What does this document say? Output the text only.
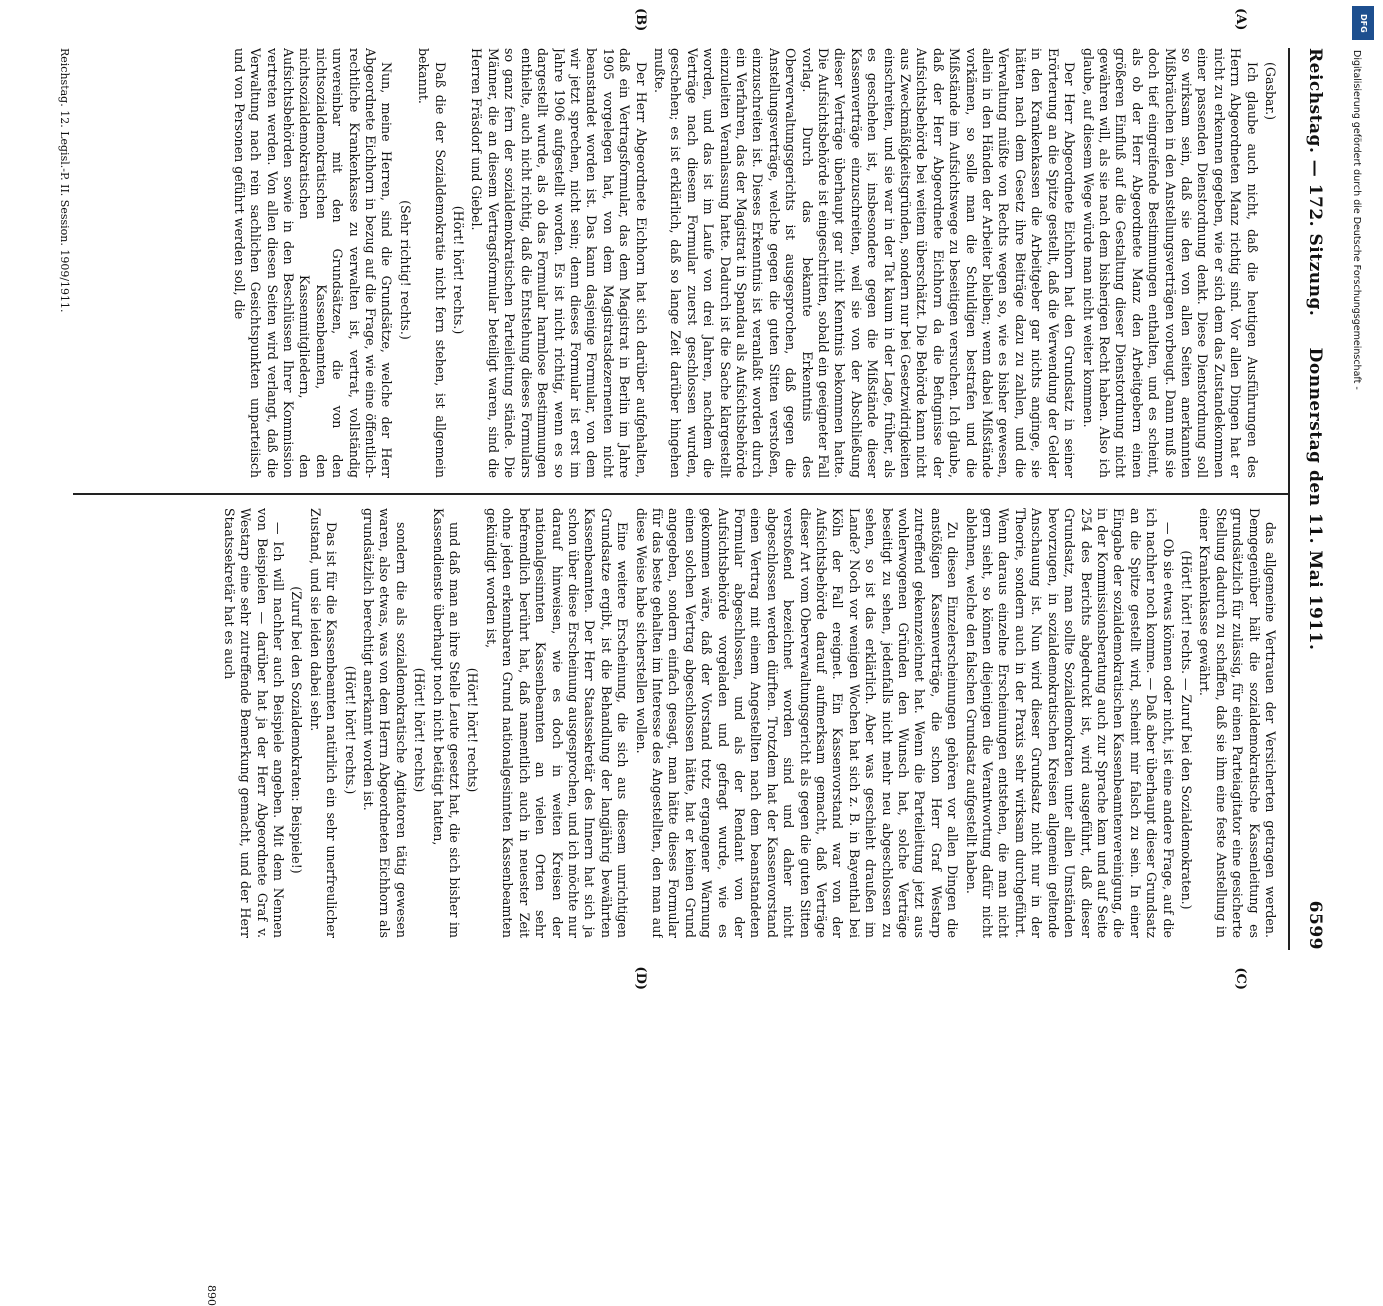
Reichstag. — 172. Sitzung.
Donnerstag den 11. Mai 1911.
6599
(A)
(B)
(C)
(D)

(Gasbar.)

Ich glaube auch nicht, daß die heutigen Ausführungen des Herrn Abgeordneten Manz richtig sind. Vor allen Dingen hat er nicht zu erkennen gegeben, wie er sich dem das Zustandekommen einer passenden Dienstordnung denkt. Diese Dienstordnung soll so wirksam sein, daß sie den von allen Seiten anerkannten Mißbräuchen in den Anstellungsverträgen vorbeugt. Dann muß sie doch tief eingreifende Bestimmungen enthalten, und es scheint, als ob der Herr Abgeordnete Manz den Arbeitgebern einen größeren Einfluß auf die Gestaltung dieser Dienstordnung nicht gewähren will, als sie nach dem bisherigen Recht haben. Also ich glaube, auf diesem Wege würde man nicht weiter kommen.

Der Herr Abgeordnete Eichhorn hat den Grundsatz in seiner Erörterung an die Spitze gestellt, daß die Verwendung der Gelder in den Krankenkassen die Arbeitgeber gar nichts anginge, sie hätten nach dem Gesetz ihre Beiträge dazu zu zahlen, und die Verwaltung müßte von Rechts wegen so, wie es bisher gewesen, allein in den Händen der Arbeiter bleiben; wenn dabei Mißstände vorkämen, so solle man die Schuldigen bestrafen und die Mißstände im Aufsichtswege zu beseitigen versuchen. Ich glaube, daß der Herr Abgeordnete Eichhorn da die Befugnisse der Aufsichtsbehörde bei weitem überschätzt. Die Behörde kann nicht aus Zweckmäßigkeitsgründen, sondern nur bei Gesetzwidrigkeiten einschreiten, und sie war in der Tat kaum in der Lage, früher, als es geschehen ist, insbesondere gegen die Mißstände dieser Kassenverträge einzuschreiten, weil sie von der Abschließung dieser Verträge überhaupt gar nicht Kenntnis bekommen hatte. Die Aufsichtsbehörde ist eingeschritten, sobald ein geeigneter Fall vorlag. Durch das bekannte Erkenntnis des Oberverwaltungsgerichts ist ausgesprochen, daß gegen die Anstellungsverträge, welche gegen die guten Sitten verstoßen, einzuschreiten ist. Dieses Erkenntnis ist veranlaßt worden durch ein Verfahren, das der Magistrat in Spandau als Aufsichtsbehörde einzuleiten Veranlassung hatte. Dadurch ist die Sache klargestellt worden, und das ist im Laufe von drei Jahren, nachdem die Verträge nach diesem Formular zuerst geschlossen wurden, geschehen; es ist erklärlich, daß so lange Zeit darüber hingehen mußte.

Der Herr Abgeordnete Eichhorn hat sich darüber aufgehalten, daß ein Vertragsformular, das dem Magistrat in Berlin im Jahre 1905 vorgelegen hat, von dem Magistratsdezernenten nicht beanstandet worden ist. Das kann dasjenige Formular, von dem wir jetzt sprechen, nicht sein; denn dieses Formular ist erst im Jahre 1906 aufgestellt worden. Es ist nicht richtig, wenn es so dargestellt wurde, als ob das Formular harmlose Bestimmungen enthielte, auch nicht richtig, daß die Entstehung dieses Formulars so ganz fern der sozialdemokratischen Parteileitung stände. Die Männer, die an diesem Vertragsformular beteiligt waren, sind die Herren Fräsdorf und Giebel.

(Hört! hört! rechts.)

Daß die der Sozialdemokratie nicht fern stehen, ist allgemein bekannt.

(Sehr richtig! rechts.)

Nun, meine Herren, sind die Grundsätze, welche der Herr Abgeordnete Eichhorn in bezug auf die Frage, wie eine öffentlich-rechtliche Krankenkasse zu verwalten ist, vertrat, vollständig unvereinbar mit den Grundsätzen, die von den nichtsozialdemokratischen Kassenbeamten, den nichtsozialdemokratischen Kassenmitgliedern, den Aufsichtsbehörden sowie in den Beschlüssen Ihrer Kommission vertreten werden. Von allen diesen Seiten wird verlangt, daß die Verwaltung nach rein sachlichen Gesichtspunkten unparteiisch und von Personen geführt werden soll, die

das allgemeine Vertrauen der Versicherten getragen werden. Demgegenüber hält die sozialdemokratische Kassenleitung es grundsätzlich für zulässig, für einen Parteiagitator eine gesicherte Stellung dadurch zu schaffen, daß sie ihm eine feste Anstellung in einer Krankenkasse gewährt.

(Hört! hört! rechts. — Zuruf bei den Sozialdemokraten.)

— Ob sie etwas können oder nicht, ist eine andere Frage, auf die ich nachher noch komme. — Daß aber überhaupt dieser Grundsatz an die Spitze gestellt wird, scheint mir falsch zu sein. In einer Eingabe der sozialdemokratischen Kassenbeamtenvereinigung, die in der Kommissionsberatung auch zur Sprache kam und auf Seite 254 des Berichts abgedruckt ist, wird ausgeführt, daß dieser Grundsatz, man sollte Sozialdemokraten unter allen Umständen bevorzugen, in sozialdemokratischen Kreisen allgemein geltende Anschauung ist. Nun wird dieser Grundsatz nicht nur in der Theorie, sondern auch in der Praxis sehr wirksam durchgeführt. Wenn daraus einzelne Erscheinungen entstehen, die man nicht gern sieht, so können diejenigen die Verantwortung dafür nicht ablehnen, welche den falschen Grundsatz aufgestellt haben.

Zu diesen Einzelerscheinungen gehören vor allen Dingen die anstößigen Kassenverträge, die schon Herr Graf Westarp zutreffend gekennzeichnet hat. Wenn die Parteileitung jetzt aus wohlerwogenen Gründen den Wunsch hat, solche Verträge beseitigt zu sehen, jedenfalls nicht mehr neu abgeschlossen zu sehen, so ist das erklärlich. Aber was geschieht draußen im Lande? Noch vor wenigen Wochen hat sich z. B. in Bayenthal bei Köln der Fall ereignet. Ein Kassenvorstand war von der Aufsichtsbehörde darauf aufmerksam gemacht, daß Verträge dieser Art vom Oberverwaltungsgericht als gegen die guten Sitten verstoßend bezeichnet worden sind und daher nicht abgeschlossen werden dürften. Trotzdem hat der Kassenvorstand einen Vertrag mit einem Angestellten nach dem beanstandeten Formular abgeschlossen, und als der Rendant von der Aufsichtsbehörde vorgeladen und gefragt wurde, wie es gekommen wäre, daß der Vorstand trotz ergangener Warnung einen solchen Vertrag abgeschlossen hätte, hat er keinen Grund angegeben, sondern einfach gesagt, man hätte dieses Formular für das beste gehalten im Interesse des Angestellten, den man auf diese Weise habe sicherstellen wollen.

Eine weitere Erscheinung, die sich aus diesem unrichtigen Grundsatze ergibt, ist die Behandlung der langjährig bewährten Kassenbeamten. Der Herr Staatssekretär des Innern hat sich ja schon über diese Erscheinung ausgesprochen, und ich möchte nur darauf hinweisen, wie es doch in weiten Kreisen der nationalgesinnten Kassenbeamten an vielen Orten sehr befremdlich berührt hat, daß namentlich auch in neuester Zeit ohne jeden erkennbaren Grund nationalgesinnten Kassenbeamten gekündigt worden ist,

(Hört! hört! rechts)

und daß man an ihre Stelle Leute gesetzt hat, die sich bisher im Kassendienste überhaupt noch nicht betätigt hatten,

(Hört! hört! rechts)

sondern die als sozialdemokratische Agitatoren tätig gewesen waren, also etwas, was von dem Herrn Abgeordneten Eichhorn als grundsätzlich berechtigt anerkannt worden ist.

(Hört! hört! rechts.)

Das ist für die Kassenbeamten natürlich ein sehr unerfreulicher Zustand, und sie leiden dabei sehr.

(Zuruf bei den Sozialdemokraten: Beispiele!)

— Ich will nachher auch Beispiele angeben. Mit dem Nennen von Beispielen — darüber hat ja der Herr Abgeordnete Graf v. Westarp eine sehr zutreffende Bemerkung gemacht, und der Herr Staatssekretär hat es auch

Reichstag. 12. Legisl.-P. II. Session. 1909/1911.
890
Digitalisierung gefördert durch die Deutsche Forschungsgemeinschaft -
DFG
